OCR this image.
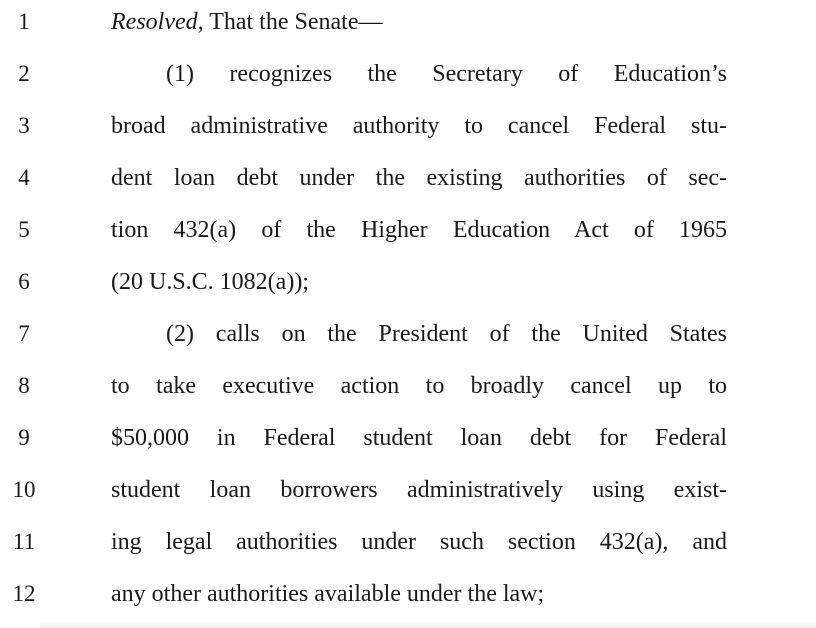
1	Resolved, That the Senate—
2	(1) recognizes the Secretary of Education’s
3	broad administrative authority to cancel Federal stu-
4	dent loan debt under the existing authorities of sec-
5	tion 432(a) of the Higher Education Act of 1965
6	(20 U.S.C. 1082(a));
7	(2) calls on the President of the United States
8	to take executive action to broadly cancel up to
9	$50,000 in Federal student loan debt for Federal
10	student loan borrowers administratively using exist-
11	ing legal authorities under such section 432(a), and
12	any other authorities available under the law;
